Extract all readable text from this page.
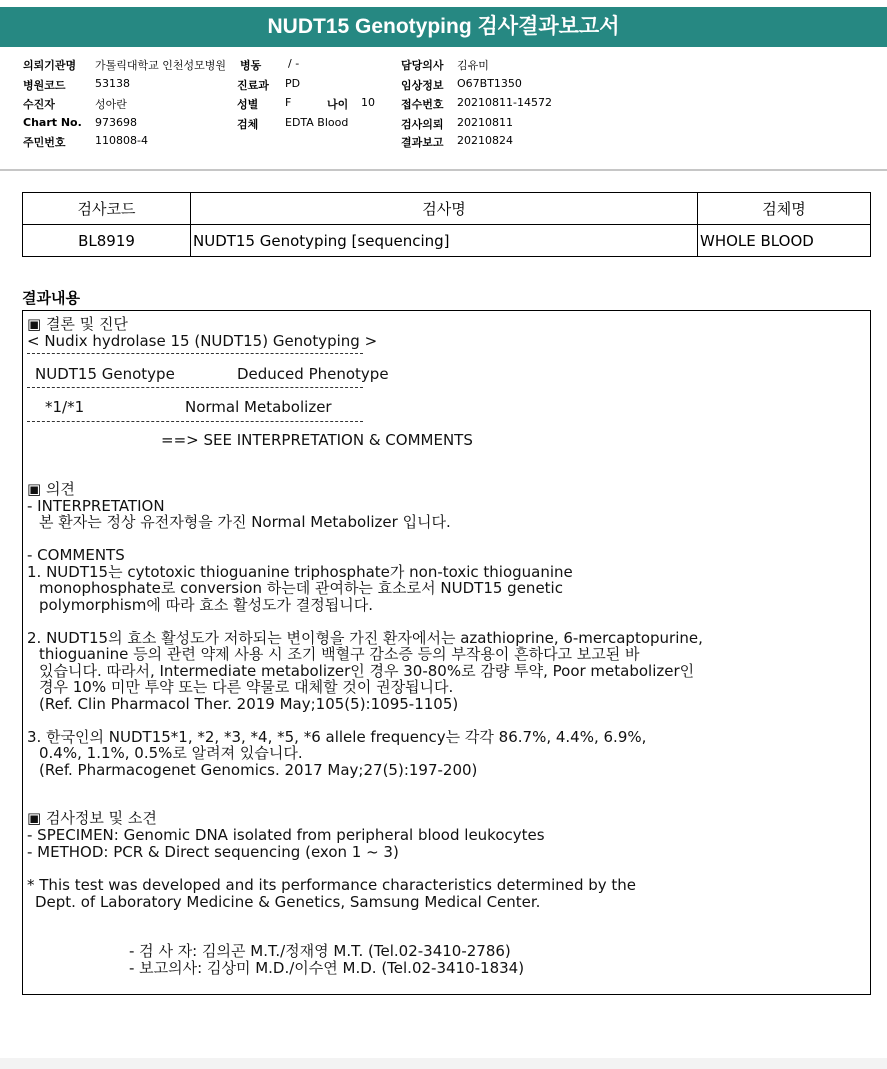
NUDT15 Genotyping 검사결과보고서
의뢰기관명 가톨릭대학교 인천성모병원
병원코드	53138
수진자	성아란
Chart No. 973698
주민번호	110808-4
병동 / -
진료과 PD
성별 F	나이 10
검체 EDTA Blood
담당의사 김유미
임상정보 O67BT1350
접수번호 20210811-14572
검사의뢰 20210811
결과보고 20210824
검사코드	검사명	검체명
BL8919	NUDT15 Genotyping [sequencing]	WHOLE BLOOD
결과내용
▣ 결론 및 진단
< Nudix hydrolase 15 (NUDT15) Genotyping >
NUDT15 Genotype	Deduced Phenotype
*1/*1	Normal Metabolizer
==> SEE INTERPRETATION & COMMENTS
▣ 의견
- INTERPRETATION
본 환자는 정상 유전자형을 가진 Normal Metabolizer 입니다.
- COMMENTS
1. NUDT15는 cytotoxic thioguanine triphosphate가 non-toxic thioguanine
monophosphate로 conversion 하는데 관여하는 효소로서 NUDT15 genetic
polymorphism에 따라 효소 활성도가 결정됩니다.
2. NUDT15의 효소 활성도가 저하되는 변이형을 가진 환자에서는 azathioprine, 6-mercaptopurine,
thioguanine 등의 관련 약제 사용 시 조기 백혈구 감소증 등의 부작용이 흔하다고 보고된 바
있습니다. 따라서, Intermediate metabolizer인 경우 30-80%로 감량 투약, Poor metabolizer인
경우 10% 미만 투약 또는 다른 약물로 대체할 것이 권장됩니다.
(Ref. Clin Pharmacol Ther. 2019 May;105(5):1095-1105)
3. 한국인의 NUDT15*1, *2, *3, *4, *5, *6 allele frequency는 각각 86.7%, 4.4%, 6.9%,
0.4%, 1.1%, 0.5%로 알려져 있습니다.
(Ref. Pharmacogenet Genomics. 2017 May;27(5):197-200)
▣ 검사정보 및 소견
- SPECIMEN: Genomic DNA isolated from peripheral blood leukocytes
- METHOD: PCR & Direct sequencing (exon 1 ~ 3)
* This test was developed and its performance characteristics determined by the
Dept. of Laboratory Medicine & Genetics, Samsung Medical Center.
- 검 사 자: 김의곤 M.T./정재영 M.T. (Tel.02-3410-2786)
- 보고의사: 김상미 M.D./이수연 M.D. (Tel.02-3410-1834)
